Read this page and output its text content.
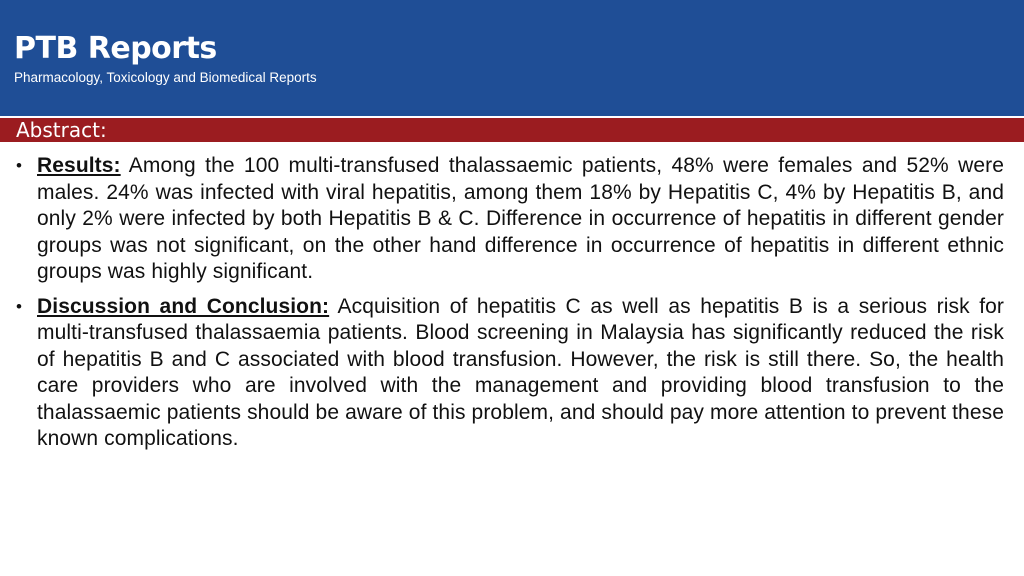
PTB Reports
Pharmacology, Toxicology and Biomedical Reports
Abstract:
• Results: Among the 100 multi-transfused thalassaemic patients, 48% were females and 52% were males. 24% was infected with viral hepatitis, among them 18% by Hepatitis C, 4% by Hepatitis B, and only 2% were infected by both Hepatitis B & C. Difference in occurrence of hepatitis in different gender groups was not significant, on the other hand difference in occurrence of hepatitis in different ethnic groups was highly significant.
• Discussion and Conclusion: Acquisition of hepatitis C as well as hepatitis B is a serious risk for multi-transfused thalassaemia patients. Blood screening in Malaysia has significantly reduced the risk of hepatitis B and C associated with blood transfusion. However, the risk is still there. So, the health care providers who are involved with the management and providing blood transfusion to the thalassaemic patients should be aware of this problem, and should pay more attention to prevent these known complications.
